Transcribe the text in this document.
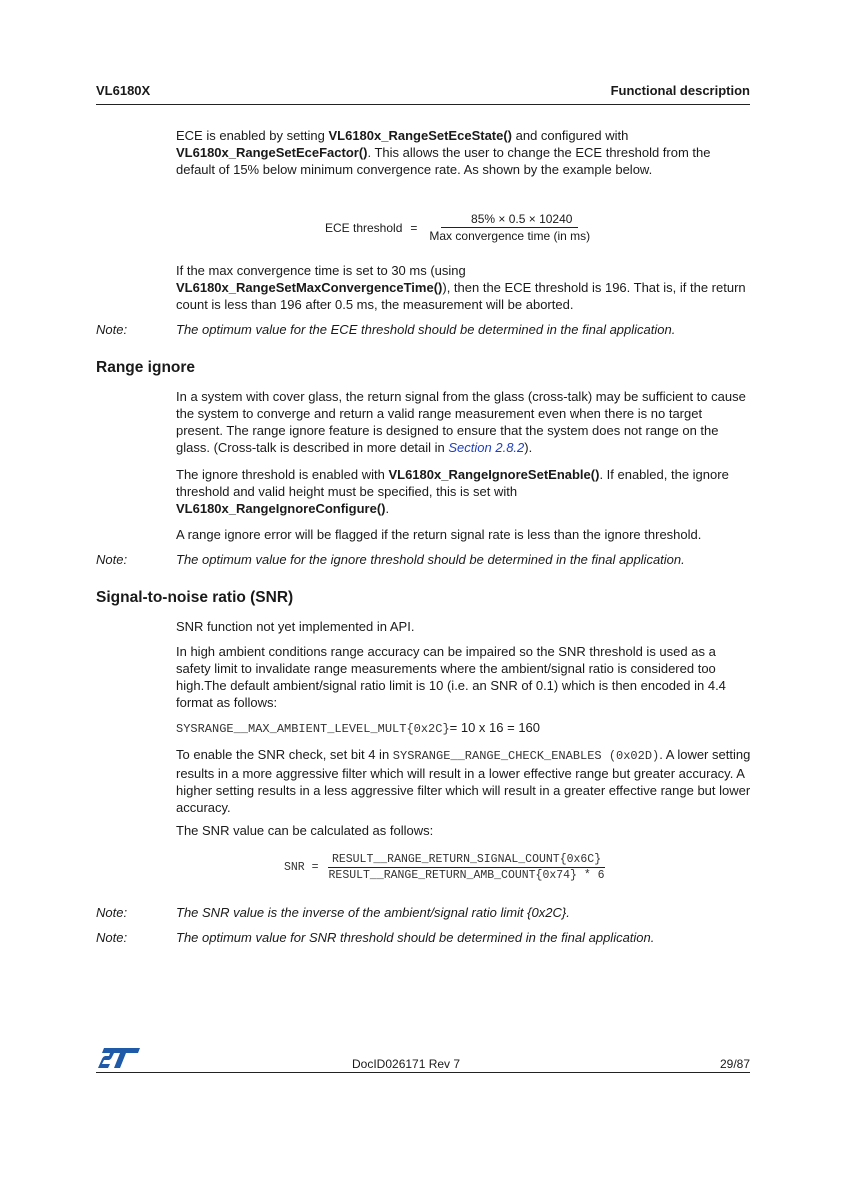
VL6180X	Functional description
ECE is enabled by setting VL6180x_RangeSetEceState() and configured with VL6180x_RangeSetEceFactor(). This allows the user to change the ECE threshold from the default of 15% below minimum convergence rate. As shown by the example below.
ECE threshold = $\frac{85\% \times 0.5 \times 10240}{\text{Max convergence time (in ms)}}$
If the max convergence time is set to 30 ms (using
VL6180x_RangeSetMaxConvergenceTime()), then the ECE threshold is 196. That is, if the return count is less than 196 after 0.5 ms, the measurement will be aborted.
Note:	The optimum value for the ECE threshold should be determined in the final application.
Range ignore
In a system with cover glass, the return signal from the glass (cross-talk) may be sufficient to cause the system to converge and return a valid range measurement even when there is no target present. The range ignore feature is designed to ensure that the system does not range on the glass. (Cross-talk is described in more detail in Section 2.8.2).
The ignore threshold is enabled with VL6180x_RangeIgnoreSetEnable(). If enabled, the ignore threshold and valid height must be specified, this is set with
VL6180x_RangeIgnoreConfigure().
A range ignore error will be flagged if the return signal rate is less than the ignore threshold.
Note:	The optimum value for the ignore threshold should be determined in the final application.
Signal-to-noise ratio (SNR)
SNR function not yet implemented in API.
In high ambient conditions range accuracy can be impaired so the SNR threshold is used as a safety limit to invalidate range measurements where the ambient/signal ratio is considered too high.The default ambient/signal ratio limit is 10 (i.e. an SNR of 0.1) which is then encoded in 4.4 format as follows:
SYSRANGE__MAX_AMBIENT_LEVEL_MULT{0x2C}= 10 x 16 = 160
To enable the SNR check, set bit 4 in SYSRANGE__RANGE_CHECK_ENABLES (0x02D). A lower setting results in a more aggressive filter which will result in a lower effective range but greater accuracy. A higher setting results in a less aggressive filter which will result in a greater effective range but lower accuracy.
The SNR value can be calculated as follows:
SNR = $\frac{\text{RESULT\_\_RANGE\_RETURN\_SIGNAL\_COUNT\{0x6C\}}}{\text{RESULT\_\_RANGE\_RETURN\_AMB\_COUNT\{0x74\} * 6}}$
Note:	The SNR value is the inverse of the ambient/signal ratio limit {0x2C}.
Note:	The optimum value for SNR threshold should be determined in the final application.
DocID026171 Rev 7	29/87
